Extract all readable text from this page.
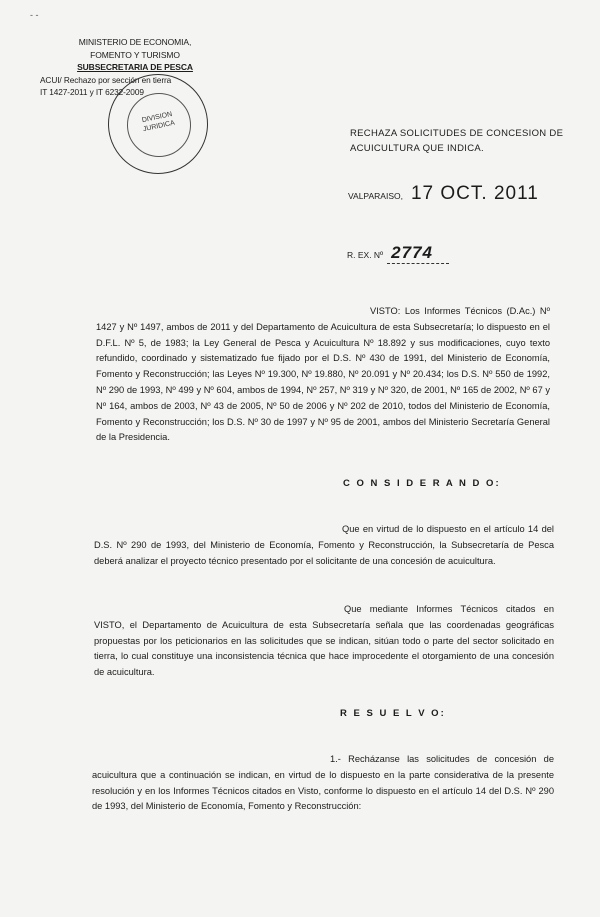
- -
MINISTERIO DE ECONOMIA,
FOMENTO Y TURISMO
SUBSECRETARIA DE PESCA
ACUI/ Rechazo por sección en tierra
IT 1427-2011 y IT 6232-2009
DIVISION JURIDICA
RECHAZA SOLICITUDES DE CONCESION DE
ACUICULTURA QUE INDICA.
VALPARAISO, 17 OCT. 2011
R. EX. Nº 2774
VISTO: Los Informes Técnicos (D.Ac.) Nº 1427 y Nº 1497, ambos de 2011 y del Departamento de Acuicultura de esta Subsecretaría; lo dispuesto en el D.F.L. Nº 5, de 1983; la Ley General de Pesca y Acuicultura Nº 18.892 y sus modificaciones, cuyo texto refundido, coordinado y sistematizado fue fijado por el D.S. Nº 430 de 1991, del Ministerio de Economía, Fomento y Reconstrucción; las Leyes Nº 19.300, Nº 19.880, Nº 20.091 y Nº 20.434; los D.S. Nº 550 de 1992, Nº 290 de 1993, Nº 499 y Nº 604, ambos de 1994, Nº 257, Nº 319 y Nº 320, de 2001, Nº 165 de 2002, Nº 67 y Nº 164, ambos de 2003, Nº 43 de 2005, Nº 50 de 2006 y Nº 202 de 2010, todos del Ministerio de Economía, Fomento y Reconstrucción; los D.S. Nº 30 de 1997 y Nº 95 de 2001, ambos del Ministerio Secretaría General de la Presidencia.
C O N S I D E R A N D O:
Que en virtud de lo dispuesto en el artículo 14 del D.S. Nº 290 de 1993, del Ministerio de Economía, Fomento y Reconstrucción, la Subsecretaría de Pesca deberá analizar el proyecto técnico presentado por el solicitante de una concesión de acuicultura.
Que mediante Informes Técnicos citados en VISTO, el Departamento de Acuicultura de esta Subsecretaría señala que las coordenadas geográficas propuestas por los peticionarios en las solicitudes que se indican, sitúan todo o parte del sector solicitado en tierra, lo cual constituye una inconsistencia técnica que hace improcedente el otorgamiento de una concesión de acuicultura.
R E S U E L V O:
1.- Recházanse las solicitudes de concesión de acuicultura que a continuación se indican, en virtud de lo dispuesto en la parte considerativa de la presente resolución y en los Informes Técnicos citados en Visto, conforme lo dispuesto en el artículo 14 del D.S. Nº 290 de 1993, del Ministerio de Economía, Fomento y Reconstrucción:
